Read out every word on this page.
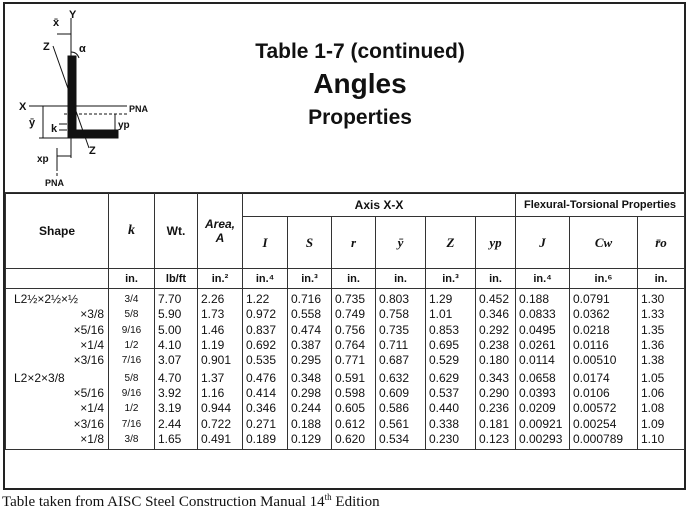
x̄
Y
Z	α
X
ȳ k
PNA
yp
Z
xp
PNA
Table 1-7 (continued)
Angles
Properties
Shape	k	Wt.	Area, A	Axis X-X						Flexural-Torsional Properties		
				I	S	r	ȳ	Z	yp	J	Cw	r̄o
	in.	lb/ft	in.²	in.⁴	in.³	in.	in.	in.³	in.	in.⁴	in.⁶	in.
L2½×2½×½	3/4	7.70	2.26	1.22	0.716	0.735	0.803	1.29	0.452	0.188	0.0791	1.30
×3/8	5/8	5.90	1.73	0.972	0.558	0.749	0.758	1.01	0.346	0.0833	0.0362	1.33
×5/16	9/16	5.00	1.46	0.837	0.474	0.756	0.735	0.853	0.292	0.0495	0.0218	1.35
×1/4	1/2	4.10	1.19	0.692	0.387	0.764	0.711	0.695	0.238	0.0261	0.0116	1.36
×3/16	7/16	3.07	0.901	0.535	0.295	0.771	0.687	0.529	0.180	0.0114	0.00510	1.38
L2×2×3/8	5/8	4.70	1.37	0.476	0.348	0.591	0.632	0.629	0.343	0.0658	0.0174	1.05
×5/16	9/16	3.92	1.16	0.414	0.298	0.598	0.609	0.537	0.290	0.0393	0.0106	1.06
×1/4	1/2	3.19	0.944	0.346	0.244	0.605	0.586	0.440	0.236	0.0209	0.00572	1.08
×3/16	7/16	2.44	0.722	0.271	0.188	0.612	0.561	0.338	0.181	0.00921	0.00254	1.09
×1/8	3/8	1.65	0.491	0.189	0.129	0.620	0.534	0.230	0.123	0.00293	0.000789	1.10
Table taken from AISC Steel Construction Manual 14th Edition
